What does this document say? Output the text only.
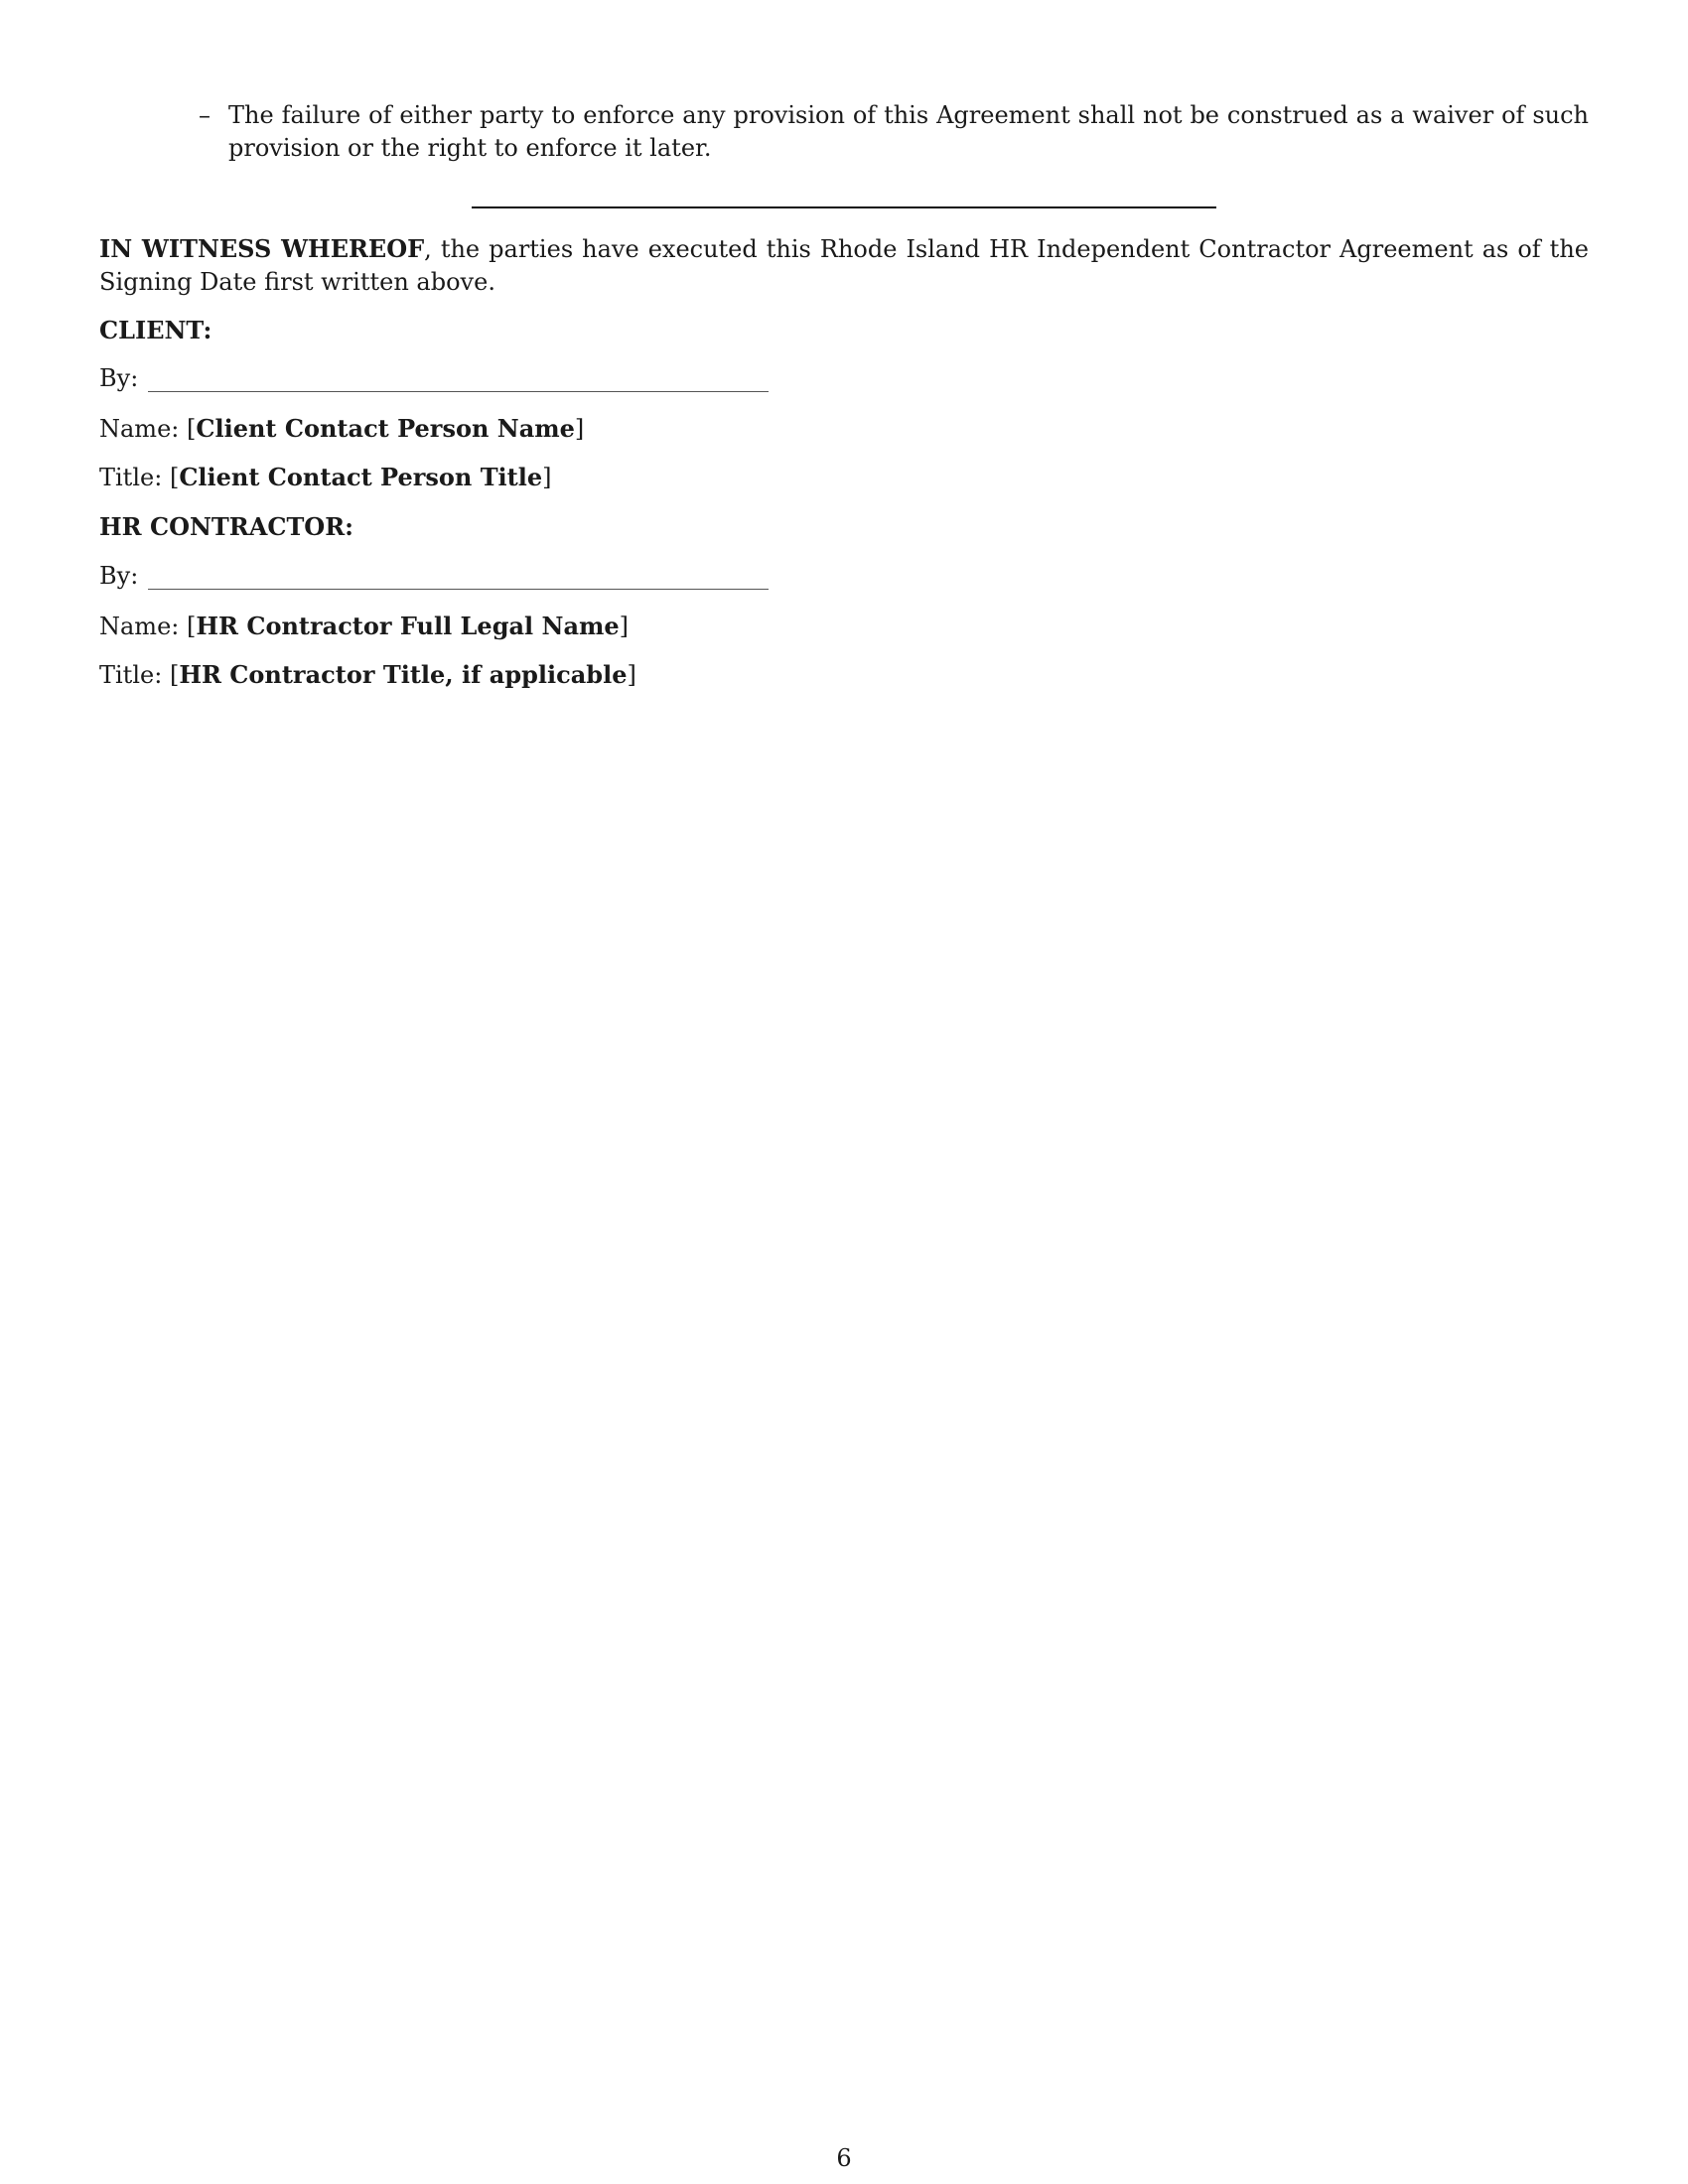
– The failure of either party to enforce any provision of this Agreement shall not be construed as a waiver of such provision or the right to enforce it later.
IN WITNESS WHEREOF, the parties have executed this Rhode Island HR Independent Contractor Agreement as of the Signing Date first written above.
CLIENT:
By:
Name: [Client Contact Person Name]
Title: [Client Contact Person Title]
HR CONTRACTOR:
By:
Name: [HR Contractor Full Legal Name]
Title: [HR Contractor Title, if applicable]
6
